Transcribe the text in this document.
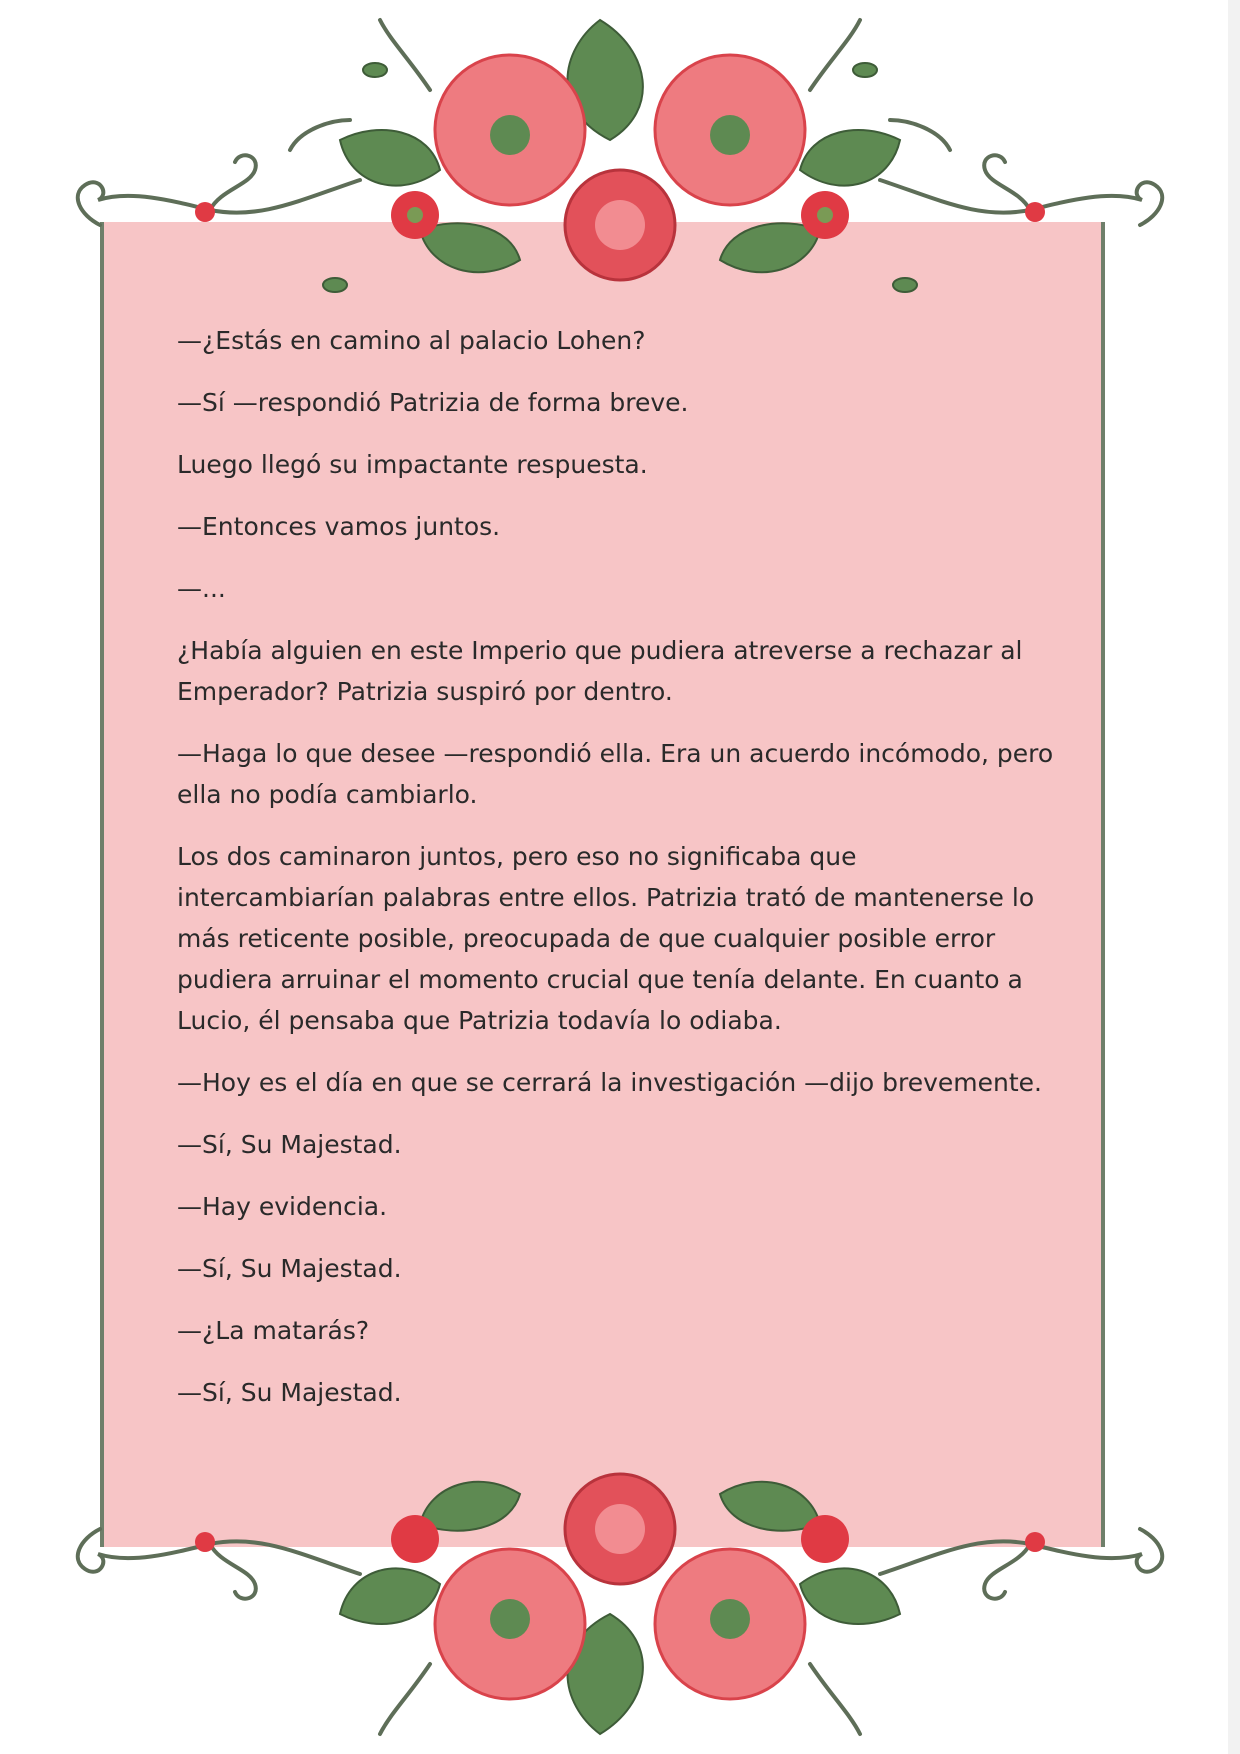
—¿Estás en camino al palacio Lohen?

—Sí —respondió Patrizia de forma breve.

Luego llegó su impactante respuesta.

—Entonces vamos juntos.

—...

¿Había alguien en este Imperio que pudiera atreverse a rechazar al Emperador? Patrizia suspiró por dentro.

—Haga lo que desee —respondió ella. Era un acuerdo incómodo, pero ella no podía cambiarlo.

Los dos caminaron juntos, pero eso no significaba que intercambiarían palabras entre ellos. Patrizia trató de mantenerse lo más reticente posible, preocupada de que cualquier posible error pudiera arruinar el momento crucial que tenía delante. En cuanto a Lucio, él pensaba que Patrizia todavía lo odiaba.

—Hoy es el día en que se cerrará la investigación —dijo brevemente.

—Sí, Su Majestad.

—Hay evidencia.

—Sí, Su Majestad.

—¿La matarás?

—Sí, Su Majestad.
